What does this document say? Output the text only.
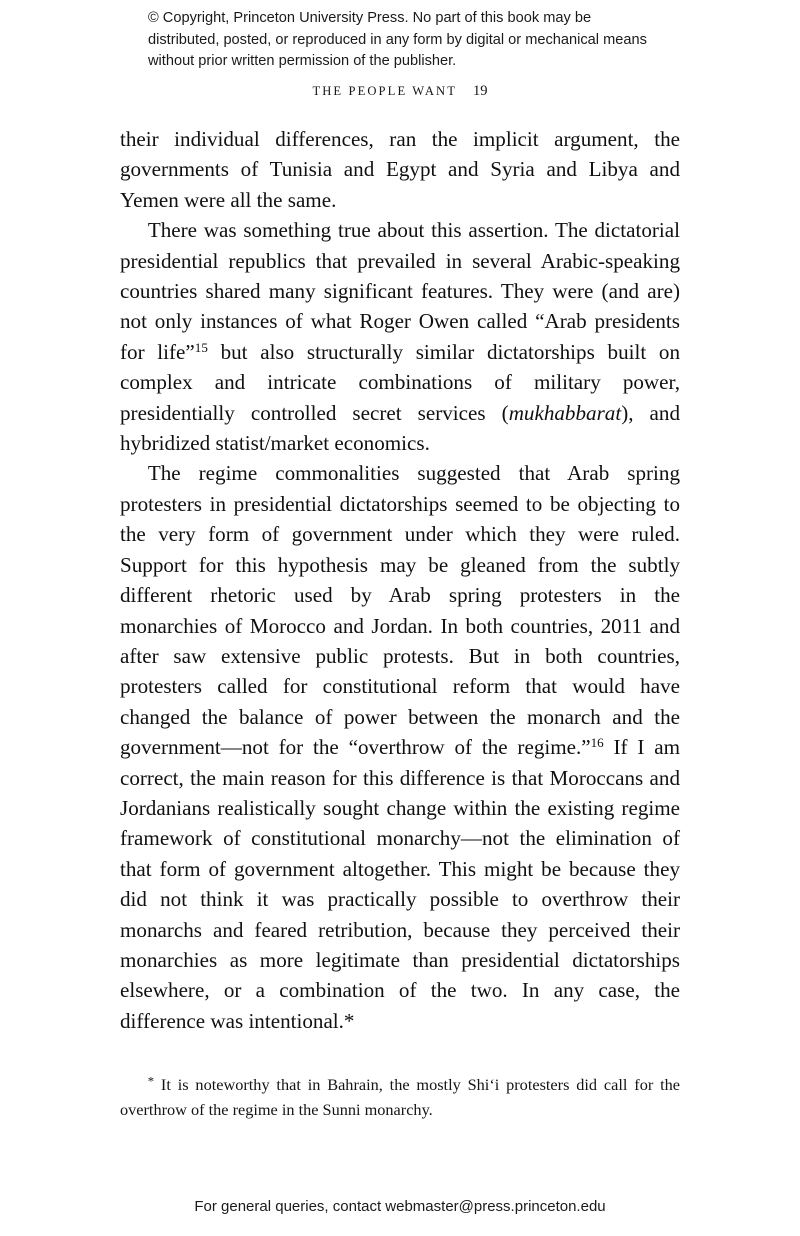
© Copyright, Princeton University Press. No part of this book may be distributed, posted, or reproduced in any form by digital or mechanical means without prior written permission of the publisher.
THE PEOPLE WANT 19

their individual differences, ran the implicit argument, the governments of Tunisia and Egypt and Syria and Libya and Yemen were all the same.

There was something true about this assertion. The dictatorial presidential republics that prevailed in several Arabic-speaking countries shared many significant features. They were (and are) not only instances of what Roger Owen called “Arab presidents for life”$^{15}$ but also structurally similar dictatorships built on complex and intricate combinations of military power, presidentially controlled secret services (mukhabbarat), and hybridized statist/market economics.

The regime commonalities suggested that Arab spring protesters in presidential dictatorships seemed to be objecting to the very form of government under which they were ruled. Support for this hypothesis may be gleaned from the subtly different rhetoric used by Arab spring protesters in the monarchies of Morocco and Jordan. In both countries, 2011 and after saw extensive public protests. But in both countries, protesters called for constitutional reform that would have changed the balance of power between the monarch and the government—not for the “overthrow of the regime.”$^{16}$ If I am correct, the main reason for this difference is that Moroccans and Jordanians realistically sought change within the existing regime framework of constitutional monarchy—not the elimination of that form of government altogether. This might be because they did not think it was practically possible to overthrow their monarchs and feared retribution, because they perceived their monarchies as more legitimate than presidential dictatorships elsewhere, or a combination of the two. In any case, the difference was intentional.*

* It is noteworthy that in Bahrain, the mostly Shiʻi protesters did call for the overthrow of the regime in the Sunni monarchy.

For general queries, contact webmaster@press.princeton.edu
